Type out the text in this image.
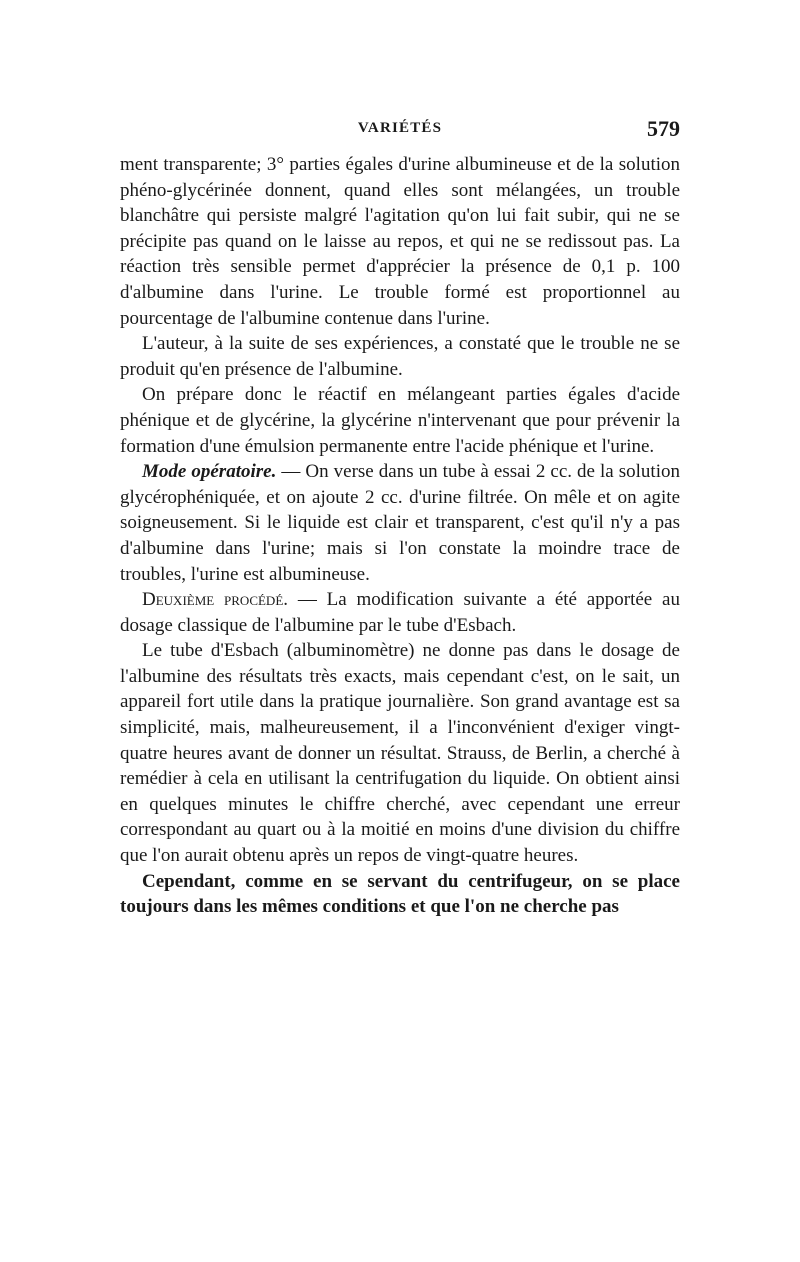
VARIÉTÉS	579

ment transparente; 3° parties égales d'urine albumineuse et de la solution phéno-glycérinée donnent, quand elles sont mélangées, un trouble blanchâtre qui persiste malgré l'agitation qu'on lui fait subir, qui ne se précipite pas quand on le laisse au repos, et qui ne se redissout pas. La réaction très sensible permet d'apprécier la présence de 0,1 p. 100 d'albumine dans l'urine. Le trouble formé est proportionnel au pourcentage de l'albumine contenue dans l'urine.

L'auteur, à la suite de ses expériences, a constaté que le trouble ne se produit qu'en présence de l'albumine.

On prépare donc le réactif en mélangeant parties égales d'acide phénique et de glycérine, la glycérine n'intervenant que pour prévenir la formation d'une émulsion permanente entre l'acide phénique et l'urine.

Mode opératoire. — On verse dans un tube à essai 2 cc. de la solution glycérophéniquée, et on ajoute 2 cc. d'urine filtrée. On mêle et on agite soigneusement. Si le liquide est clair et transparent, c'est qu'il n'y a pas d'albumine dans l'urine; mais si l'on constate la moindre trace de troubles, l'urine est albumineuse.

Deuxième procédé. — La modification suivante a été apportée au dosage classique de l'albumine par le tube d'Esbach.

Le tube d'Esbach (albuminomètre) ne donne pas dans le dosage de l'albumine des résultats très exacts, mais cependant c'est, on le sait, un appareil fort utile dans la pratique journalière. Son grand avantage est sa simplicité, mais, malheureusement, il a l'inconvénient d'exiger vingt-quatre heures avant de donner un résultat. Strauss, de Berlin, a cherché à remédier à cela en utilisant la centrifugation du liquide. On obtient ainsi en quelques minutes le chiffre cherché, avec cependant une erreur correspondant au quart ou à la moitié en moins d'une division du chiffre que l'on aurait obtenu après un repos de vingt-quatre heures.

Cependant, comme en se servant du centrifugeur, on se place toujours dans les mêmes conditions et que l'on ne cherche pas
